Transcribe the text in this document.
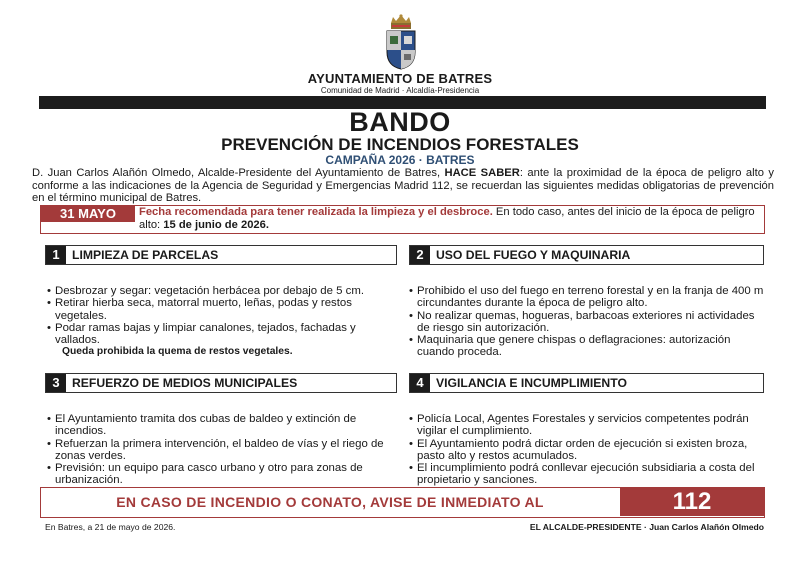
AYUNTAMIENTO DE BATRES
Comunidad de Madrid · Alcaldía-Presidencia
BANDO
PREVENCIÓN DE INCENDIOS FORESTALES
CAMPAÑA 2026 · BATRES

D. Juan Carlos Alañón Olmedo, Alcalde-Presidente del Ayuntamiento de Batres, HACE SABER: ante la proximidad de la época de peligro alto y conforme a las indicaciones de la Agencia de Seguridad y Emergencias Madrid 112, se recuerdan las siguientes medidas obligatorias de prevención en el término municipal de Batres.

31 MAYO	Fecha recomendada para tener realizada la limpieza y el desbroce. En todo caso, antes del inicio de la época de peligro alto: 15 de junio de 2026.

1	LIMPIEZA DE PARCELAS
• Desbrozar y segar: vegetación herbácea por debajo de 5 cm.
• Retirar hierba seca, matorral muerto, leñas, podas y restos vegetales.
• Podar ramas bajas y limpiar canalones, tejados, fachadas y vallados.
Queda prohibida la quema de restos vegetales.
2	USO DEL FUEGO Y MAQUINARIA
• Prohibido el uso del fuego en terreno forestal y en la franja de 400 m circundantes durante la época de peligro alto.
• No realizar quemas, hogueras, barbacoas exteriores ni actividades de riesgo sin autorización.
• Maquinaria que genere chispas o deflagraciones: autorización cuando proceda.
3	REFUERZO DE MEDIOS MUNICIPALES
• El Ayuntamiento tramita dos cubas de baldeo y extinción de incendios.
• Refuerzan la primera intervención, el baldeo de vías y el riego de zonas verdes.
• Previsión: un equipo para casco urbano y otro para zonas de urbanización.
4	VIGILANCIA E INCUMPLIMIENTO
• Policía Local, Agentes Forestales y servicios competentes podrán vigilar el cumplimiento.
• El Ayuntamiento podrá dictar orden de ejecución si existen broza, pasto alto y restos acumulados.
• El incumplimiento podrá conllevar ejecución subsidiaria a costa del propietario y sanciones.
EN CASO DE INCENDIO O CONATO, AVISE DE INMEDIATO AL	112
En Batres, a 21 de mayo de 2026.	EL ALCALDE-PRESIDENTE · Juan Carlos Alañón Olmedo
